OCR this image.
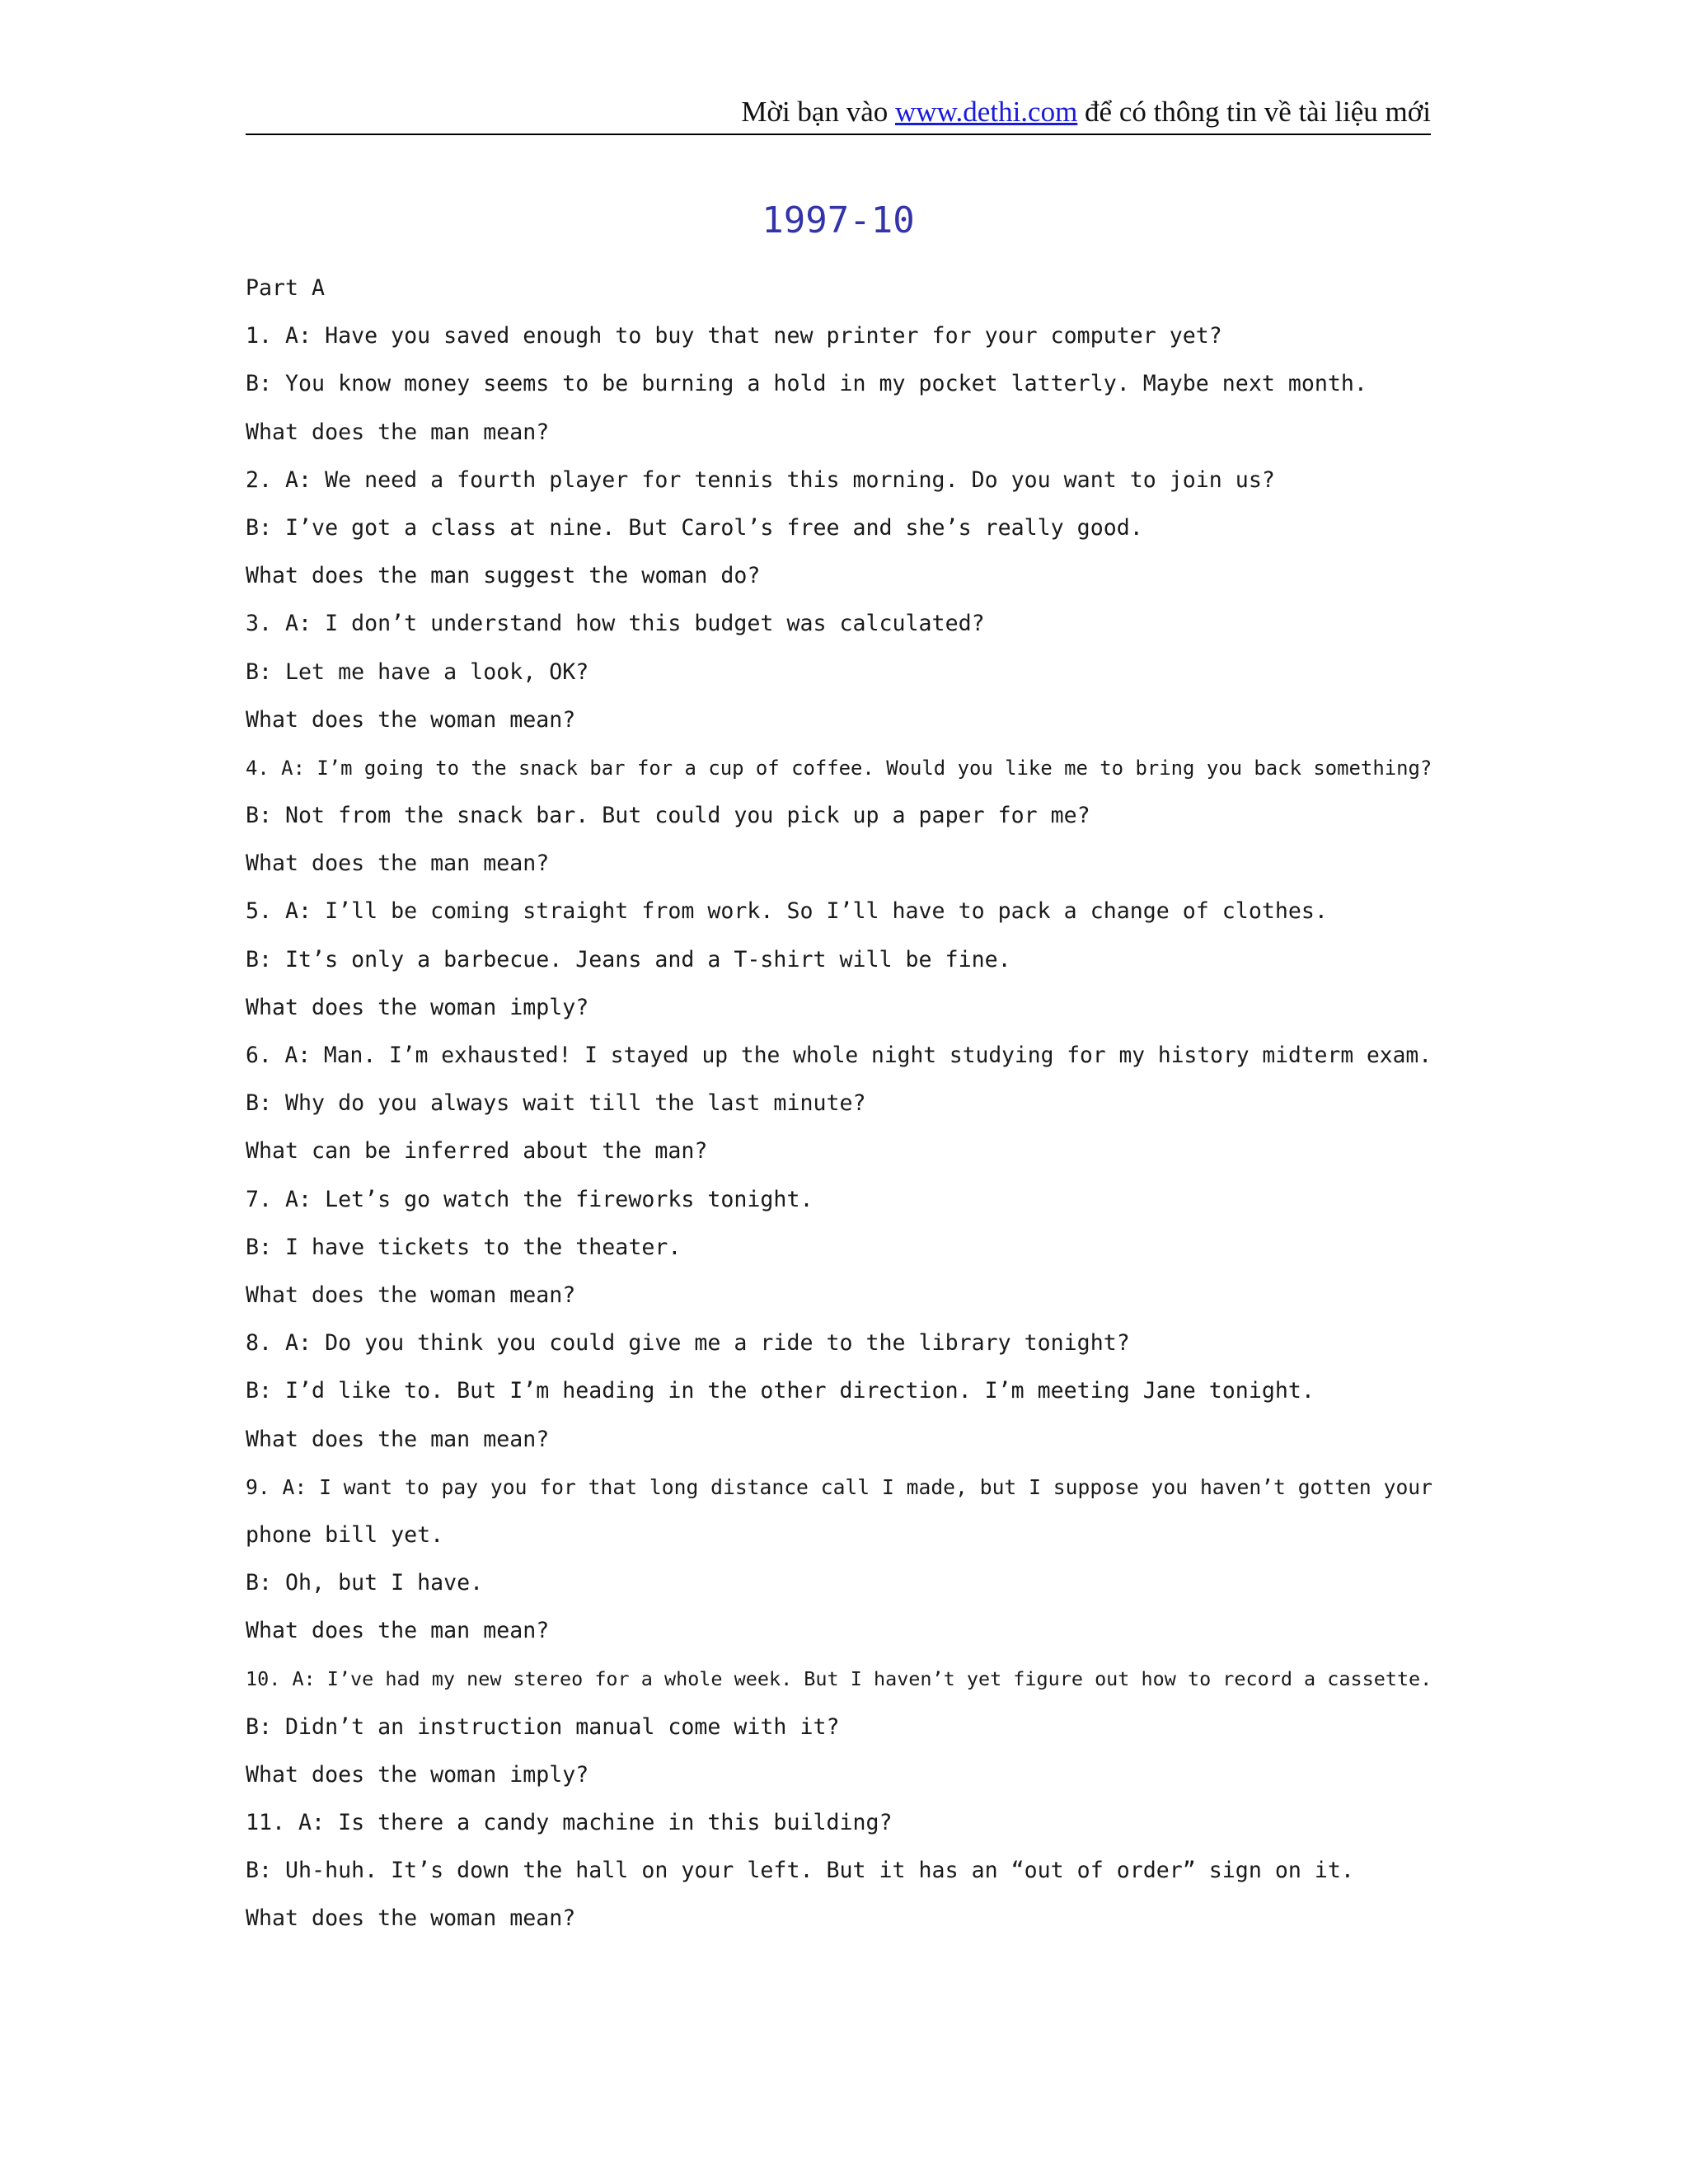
Mời bạn vào www.dethi.com để có thông tin về tài liệu mới
1997-10
Part A
1. A: Have you saved enough to buy that new printer for your computer yet?
B: You know money seems to be burning a hold in my pocket latterly. Maybe next month.
What does the man mean?
2. A: We need a fourth player for tennis this morning. Do you want to join us?
B: I’ve got a class at nine. But Carol’s free and she’s really good.
What does the man suggest the woman do?
3. A: I don’t understand how this budget was calculated?
B: Let me have a look, OK?
What does the woman mean?
4. A: I’m going to the snack bar for a cup of coffee. Would you like me to bring you back something?
B: Not from the snack bar. But could you pick up a paper for me?
What does the man mean?
5. A: I’ll be coming straight from work. So I’ll have to pack a change of clothes.
B: It’s only a barbecue. Jeans and a T-shirt will be fine.
What does the woman imply?
6. A: Man. I’m exhausted! I stayed up the whole night studying for my history midterm exam.
B: Why do you always wait till the last minute?
What can be inferred about the man?
7. A: Let’s go watch the fireworks tonight.
B: I have tickets to the theater.
What does the woman mean?
8. A: Do you think you could give me a ride to the library tonight?
B: I’d like to. But I’m heading in the other direction. I’m meeting Jane tonight.
What does the man mean?
9. A: I want to pay you for that long distance call I made, but I suppose you haven’t gotten your
phone bill yet.
B: Oh, but I have.
What does the man mean?
10. A: I’ve had my new stereo for a whole week. But I haven’t yet figure out how to record a cassette.
B: Didn’t an instruction manual come with it?
What does the woman imply?
11. A: Is there a candy machine in this building?
B: Uh-huh. It’s down the hall on your left. But it has an “out of order” sign on it.
What does the woman mean?
